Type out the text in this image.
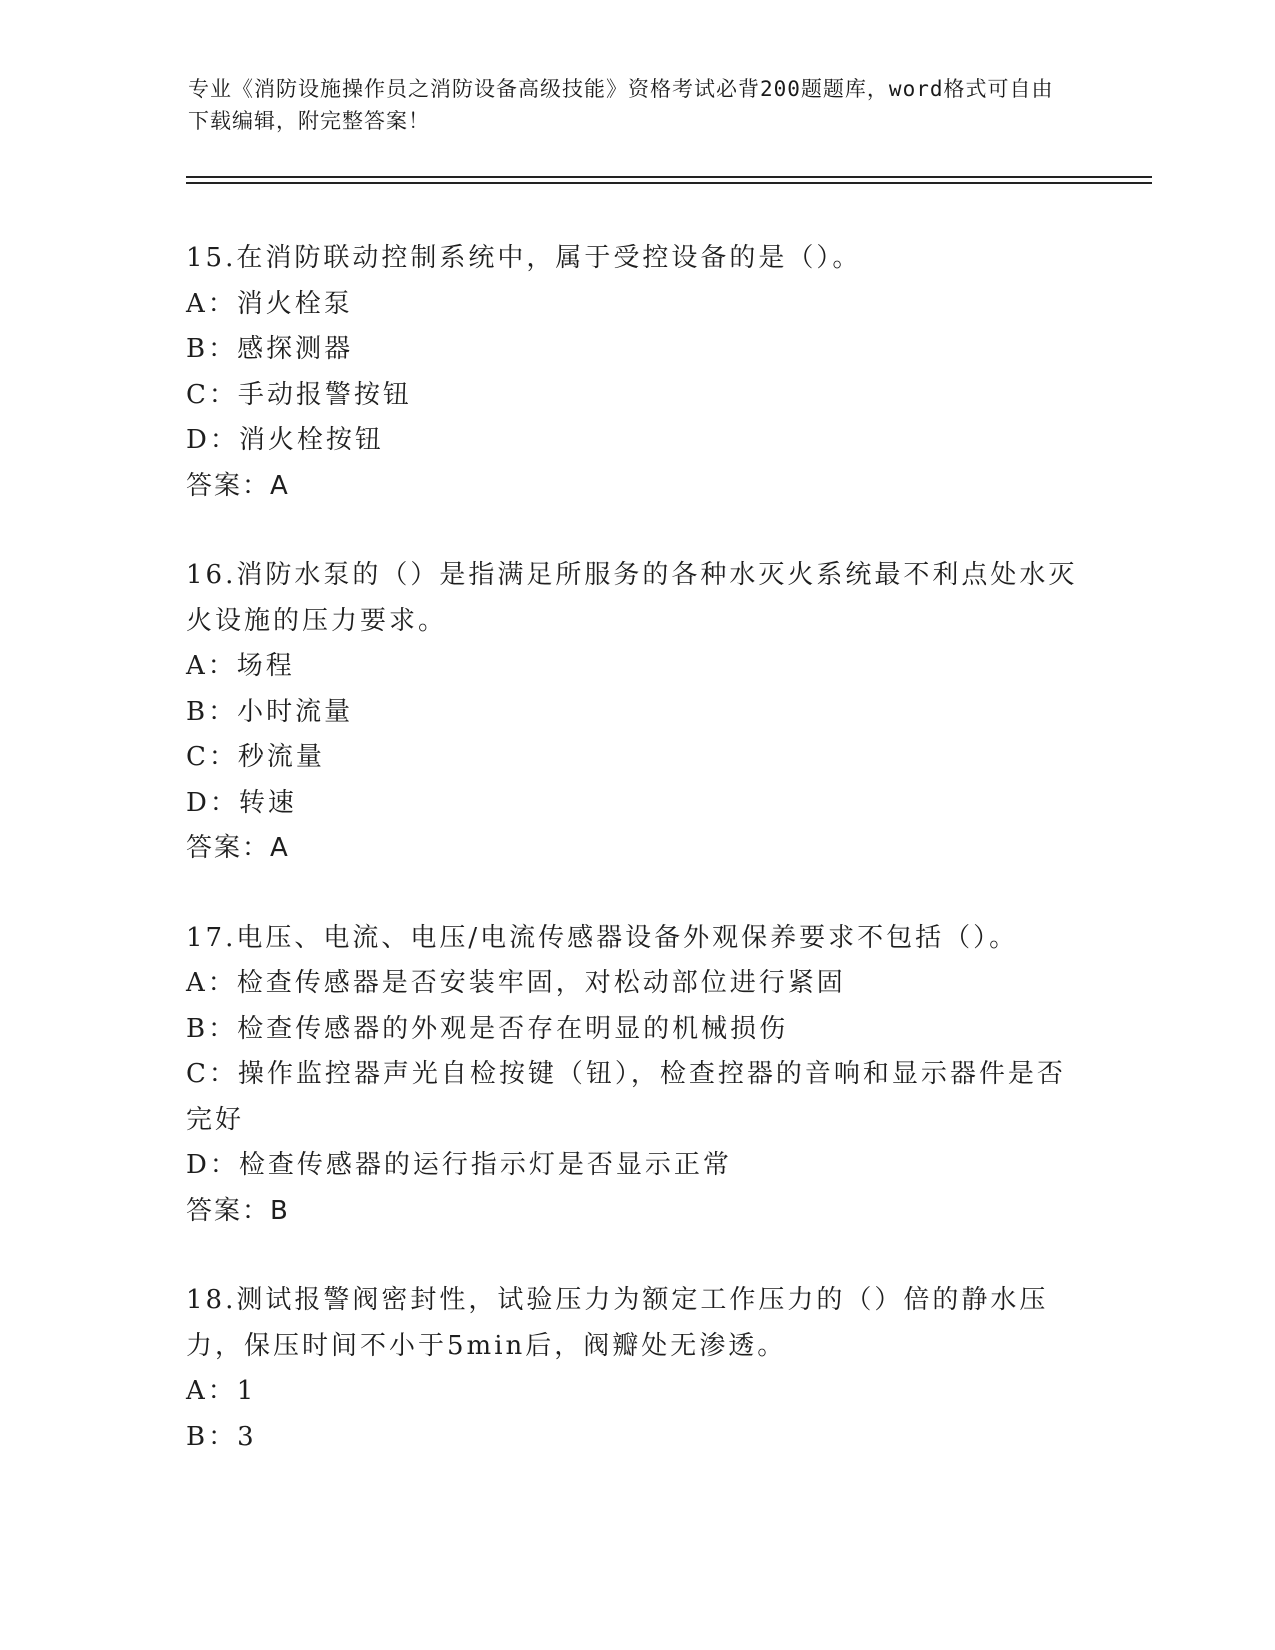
专业《消防设施操作员之消防设备高级技能》资格考试必背200题题库，word格式可自由下载编辑，附完整答案！
15.在消防联动控制系统中，属于受控设备的是（）。
A： 消火栓泵
B： 感探测器
C： 手动报警按钮
D： 消火栓按钮
答案：A
16.消防水泵的（）是指满足所服务的各种水灭火系统最不利点处水灭火设施的压力要求。
A： 场程
B： 小时流量
C： 秒流量
D： 转速
答案：A
17.电压、电流、电压/电流传感器设备外观保养要求不包括（）。
A： 检查传感器是否安装牢固，对松动部位进行紧固
B： 检查传感器的外观是否存在明显的机械损伤
C：操作监控器声光自检按键（钮），检查控器的音响和显示器件是否完好
D： 检查传感器的运行指示灯是否显示正常
答案：B
18.测试报警阀密封性，试验压力为额定工作压力的（）倍的静水压力，保压时间不小于5min后，阀瓣处无渗透。
A： 1
B： 3
